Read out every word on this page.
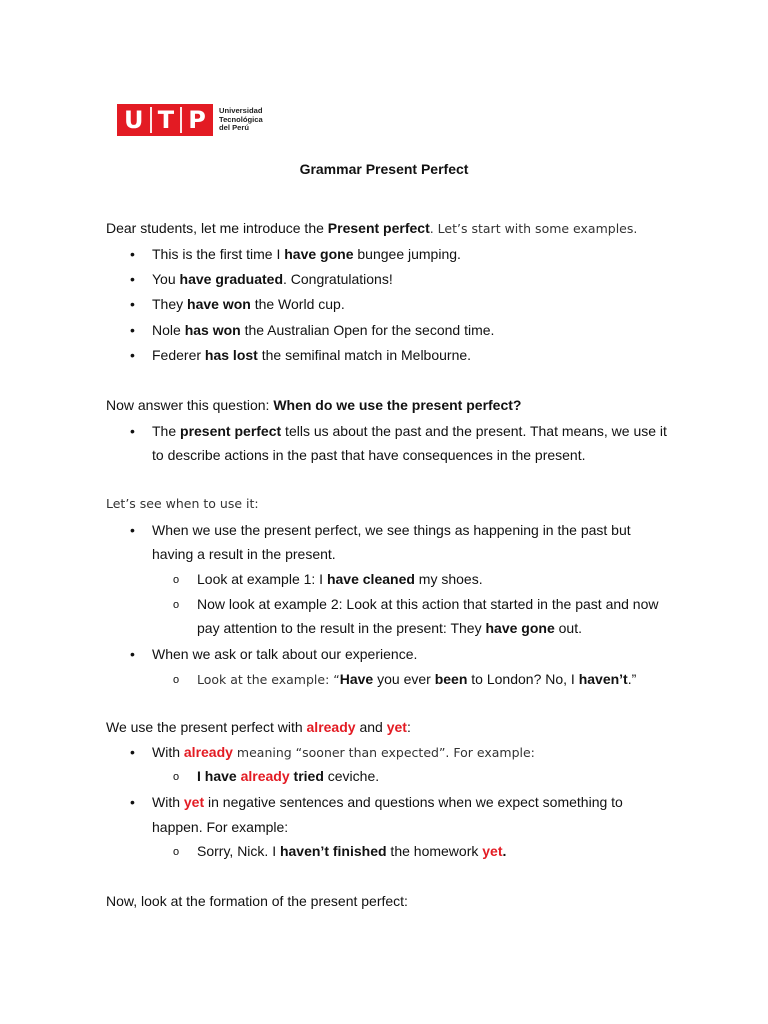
U T P Universidad
Tecnológica
del Perú
Grammar Present Perfect
Dear students, let me introduce the Present perfect. Let’s start with some examples.
• This is the first time I have gone bungee jumping.
• You have graduated. Congratulations!
• They have won the World cup.
• Nole has won the Australian Open for the second time.
• Federer has lost the semifinal match in Melbourne.
Now answer this question: When do we use the present perfect?
• The present perfect tells us about the past and the present. That means, we use it
to describe actions in the past that have consequences in the present.
Let’s see when to use it:
• When we use the present perfect, we see things as happening in the past but
having a result in the present.
o Look at example 1: I have cleaned my shoes.
o Now look at example 2: Look at this action that started in the past and now
pay attention to the result in the present: They have gone out.
• When we ask or talk about our experience.
o Look at the example: “Have you ever been to London? No, I haven’t.”
We use the present perfect with already and yet:
• With already meaning “sooner than expected”. For example:
o I have already tried ceviche.
• With yet in negative sentences and questions when we expect something to
happen. For example:
o Sorry, Nick. I haven’t finished the homework yet.
Now, look at the formation of the present perfect:
